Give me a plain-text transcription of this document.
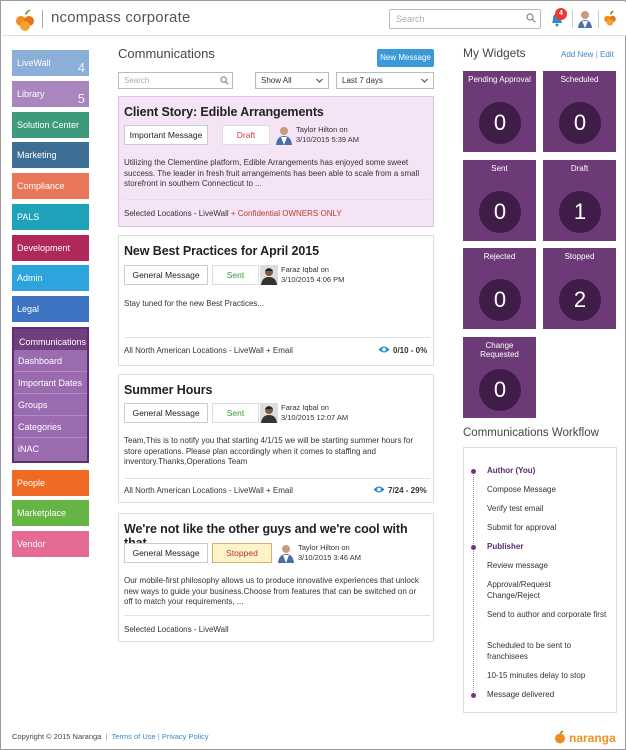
ncompass corporate	Search
4
LiveWall 4
Library	5
Solution Center
Marketing
Compliance
PALS
Development
Admin
Legal
Communications
Dashboard
Important Dates
Groups
Categories
iNAC
People
Marketplace
Vendor
Communications	New Message
Search	Show All	Last 7 days
Client Story: Edible Arrangements
Important Message	Draft
Taylor Hilton on
3/10/2015 5:39 AM
Utilizing the Clementine platform, Edible Arrangements has enjoyed some sweet success. The leader in fresh fruit arrangements has been able to scale from a small storefront in southern Connecticut to ...
Selected Locations - LiveWall + Confidential OWNERS ONLY
New Best Practices for April 2015
General Message	Sent
Faraz Iqbal on
3/10/2015 4:06 PM
Stay tuned for the new Best Practices...
All North American Locations - LiveWall + Email	0/10 - 0%
Summer Hours
General Message	Sent
Faraz Iqbal on
3/10/2015 12:07 AM
Team,This is to notify you that starting 4/1/15 we will be starting summer hours for store operations. Please plan accordingly when it comes to staffing and inventory.Thanks,Operations Team
All North American Locations - LiveWall + Email	7/24 - 29%
We're not like the other guys and we're cool with
General Message	Stopped
Taylor Hilton on
3/10/2015 3:46 AM
Our mobile-first philosophy allows us to produce innovative experiences that unlock new ways to guide your business.Choose from features that can be switched on or off to match your requirements, ...
Selected Locations - LiveWall
My Widgets	Add New | Edit
Pending Approval
0
Scheduled
0
Sent
0
Draft
1
Rejected
0
Stopped
2
Change Requested
0
Communications Workflow
Author (You)
Compose Message
Verify test email
Submit for approval
Publisher
Review message
Approval/Request Change/Reject
Send to author and corporate first
Scheduled to be sent to franchisees
10-15 minutes delay to stop
Message delivered
Copyright © 2015 Naranga  |  Terms of Use | Privacy Policy	naranga
